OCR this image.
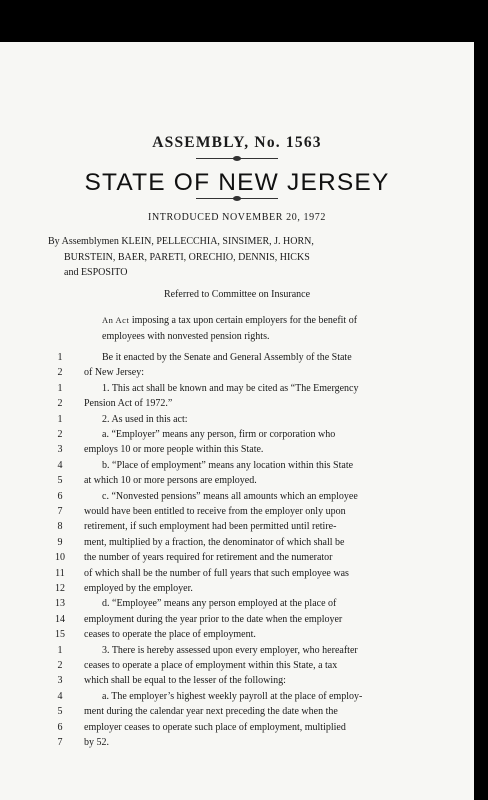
ASSEMBLY, No. 1563
STATE OF NEW JERSEY
INTRODUCED NOVEMBER 20, 1972
By Assemblymen KLEIN, PELLECCHIA, SINSIMER, J. HORN,
BURSTEIN, BAER, PARETI, ORECHIO, DENNIS, HICKS
and ESPOSITO
Referred to Committee on Insurance
An Act imposing a tax upon certain employers for the benefit of
employees with nonvested pension rights.
1	Be it enacted by the Senate and General Assembly of the State
2	of New Jersey:
1	1. This act shall be known and may be cited as “The Emergency
2	Pension Act of 1972.”
1	2. As used in this act:
2	a. “Employer” means any person, firm or corporation who
3	employs 10 or more people within this State.
4	b. “Place of employment” means any location within this State
5	at which 10 or more persons are employed.
6	c. “Nonvested pensions” means all amounts which an employee
7	would have been entitled to receive from the employer only upon
8	retirement, if such employment had been permitted until retire-
9	ment, multiplied by a fraction, the denominator of which shall be
10	the number of years required for retirement and the numerator
11	of which shall be the number of full years that such employee was
12	employed by the employer.
13	d. “Employee” means any person employed at the place of
14	employment during the year prior to the date when the employer
15	ceases to operate the place of employment.
1	3. There is hereby assessed upon every employer, who hereafter
2	ceases to operate a place of employment within this State, a tax
3	which shall be equal to the lesser of the following:
4	a. The employer’s highest weekly payroll at the place of employ-
5	ment during the calendar year next preceding the date when the
6	employer ceases to operate such place of employment, multiplied
7	by 52.
